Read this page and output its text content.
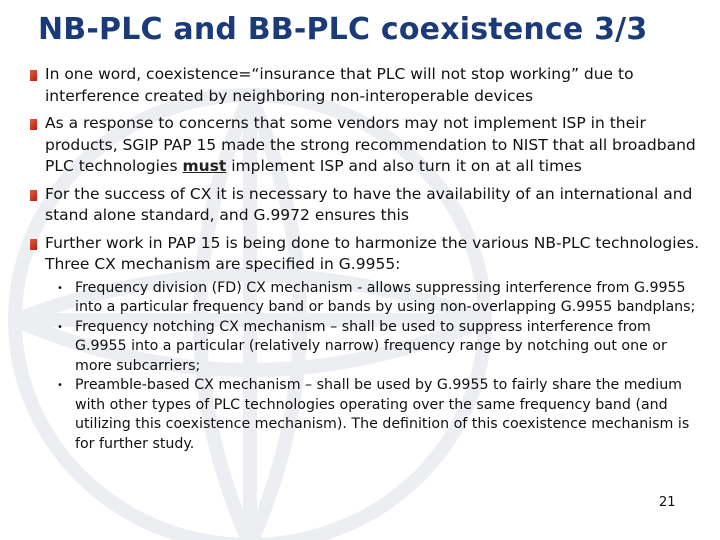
NB-PLC and BB-PLC coexistence 3/3
In one word, coexistence=“insurance that PLC will not stop working” due to interference created by neighboring non-interoperable devices
As a response to concerns that some vendors may not implement ISP in their products, SGIP PAP 15 made the strong recommendation to NIST that all broadband PLC technologies must implement ISP and also turn it on at all times
For the success of CX it is necessary to have the availability of an international and stand alone standard, and G.9972 ensures this
Further work in PAP 15 is being done to harmonize the various NB-PLC technologies. Three CX mechanism are specified in G.9955:
• Frequency division (FD) CX mechanism - allows suppressing interference from G.9955 into a particular frequency band or bands by using non-overlapping G.9955 bandplans;
• Frequency notching CX mechanism – shall be used to suppress interference from G.9955 into a particular (relatively narrow) frequency range by notching out one or more subcarriers;
• Preamble-based CX mechanism – shall be used by G.9955 to fairly share the medium with other types of PLC technologies operating over the same frequency band (and utilizing this coexistence mechanism). The definition of this coexistence mechanism is for further study.
21
